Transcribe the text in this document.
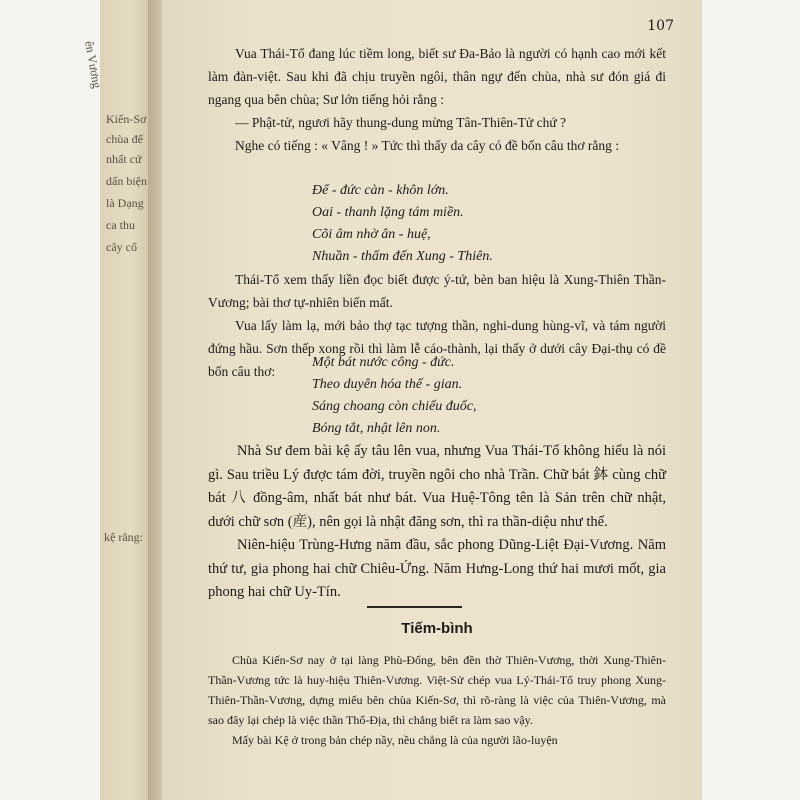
ên Vương
Kiến-Sơ
chùa đế
nhất cứ
dấn biện
là Dạng
ca thu
cây cổ
kệ rằng:
107

Vua Thái-Tổ đang lúc tiềm long, biết sư Đa-Bảo là người có hạnh cao mới kết làm đàn-việt. Sau khi đã chịu truyền ngôi, thân ngự đến chùa, nhà sư đón giá đi ngang qua bên chùa; Sư lớn tiếng hỏi rằng :

— Phật-tử, ngươi hãy thung-dung mừng Tân-Thiên-Tử chứ ?

Nghe có tiếng : « Vâng ! » Tức thì thấy da cây có đề bốn câu thơ rằng :

Để - đức càn - khôn lớn.
Oai - thanh lặng tám miền.
Cõi âm nhờ ân - huệ,
Nhuần - thấm đến Xung - Thiên.

Thái-Tổ xem thấy liền đọc biết được ý-tứ, bèn ban hiệu là Xung-Thiên Thần-Vương; bài thơ tự-nhiên biến mất.

Vua lấy làm lạ, mới bảo thợ tạc tượng thần, nghi-dung hùng-vĩ, và tám người đứng hầu. Sơn thếp xong rồi thì làm lễ cáo-thành, lại thấy ở dưới cây Đại-thụ có đề bốn câu thơ:

Một bát nước công - đức.
Theo duyên hóa thế - gian.
Sáng choang còn chiếu đuốc,
Bóng tắt, nhật lên non.

Nhà Sư đem bài kệ ấy tâu lên vua, nhưng Vua Thái-Tổ không hiểu là nói gì. Sau triều Lý được tám đời, truyền ngôi cho nhà Trần. Chữ bát 鉢 cùng chữ bát 八 đồng-âm, nhất bát như bát. Vua Huệ-Tông tên là Sản trên chữ nhật, dưới chữ sơn (産), nên gọi là nhật đăng sơn, thì ra thần-diệu như thế.

Niên-hiệu Trùng-Hưng năm đầu, sắc phong Dũng-Liệt Đại-Vương. Năm thứ tư, gia phong hai chữ Chiêu-Ứng. Năm Hưng-Long thứ hai mươi mốt, gia phong hai chữ Uy-Tín.

Tiếm-bình

Chùa Kiến-Sơ nay ở tại làng Phù-Đổng, bên đền thờ Thiên-Vương, thời Xung-Thiên-Thần-Vương tức là huy-hiệu Thiên-Vương. Việt-Sử chép vua Lý-Thái-Tổ truy phong Xung-Thiên-Thần-Vương, dựng miếu bên chùa Kiến-Sơ, thì rõ-ràng là việc của Thiên-Vương, mà sao đây lại chép là việc thần Thổ-Địa, thì chẳng biết ra làm sao vậy.

Mấy bài Kệ ở trong bản chép nầy, nều chẳng là của người lão-luyện
